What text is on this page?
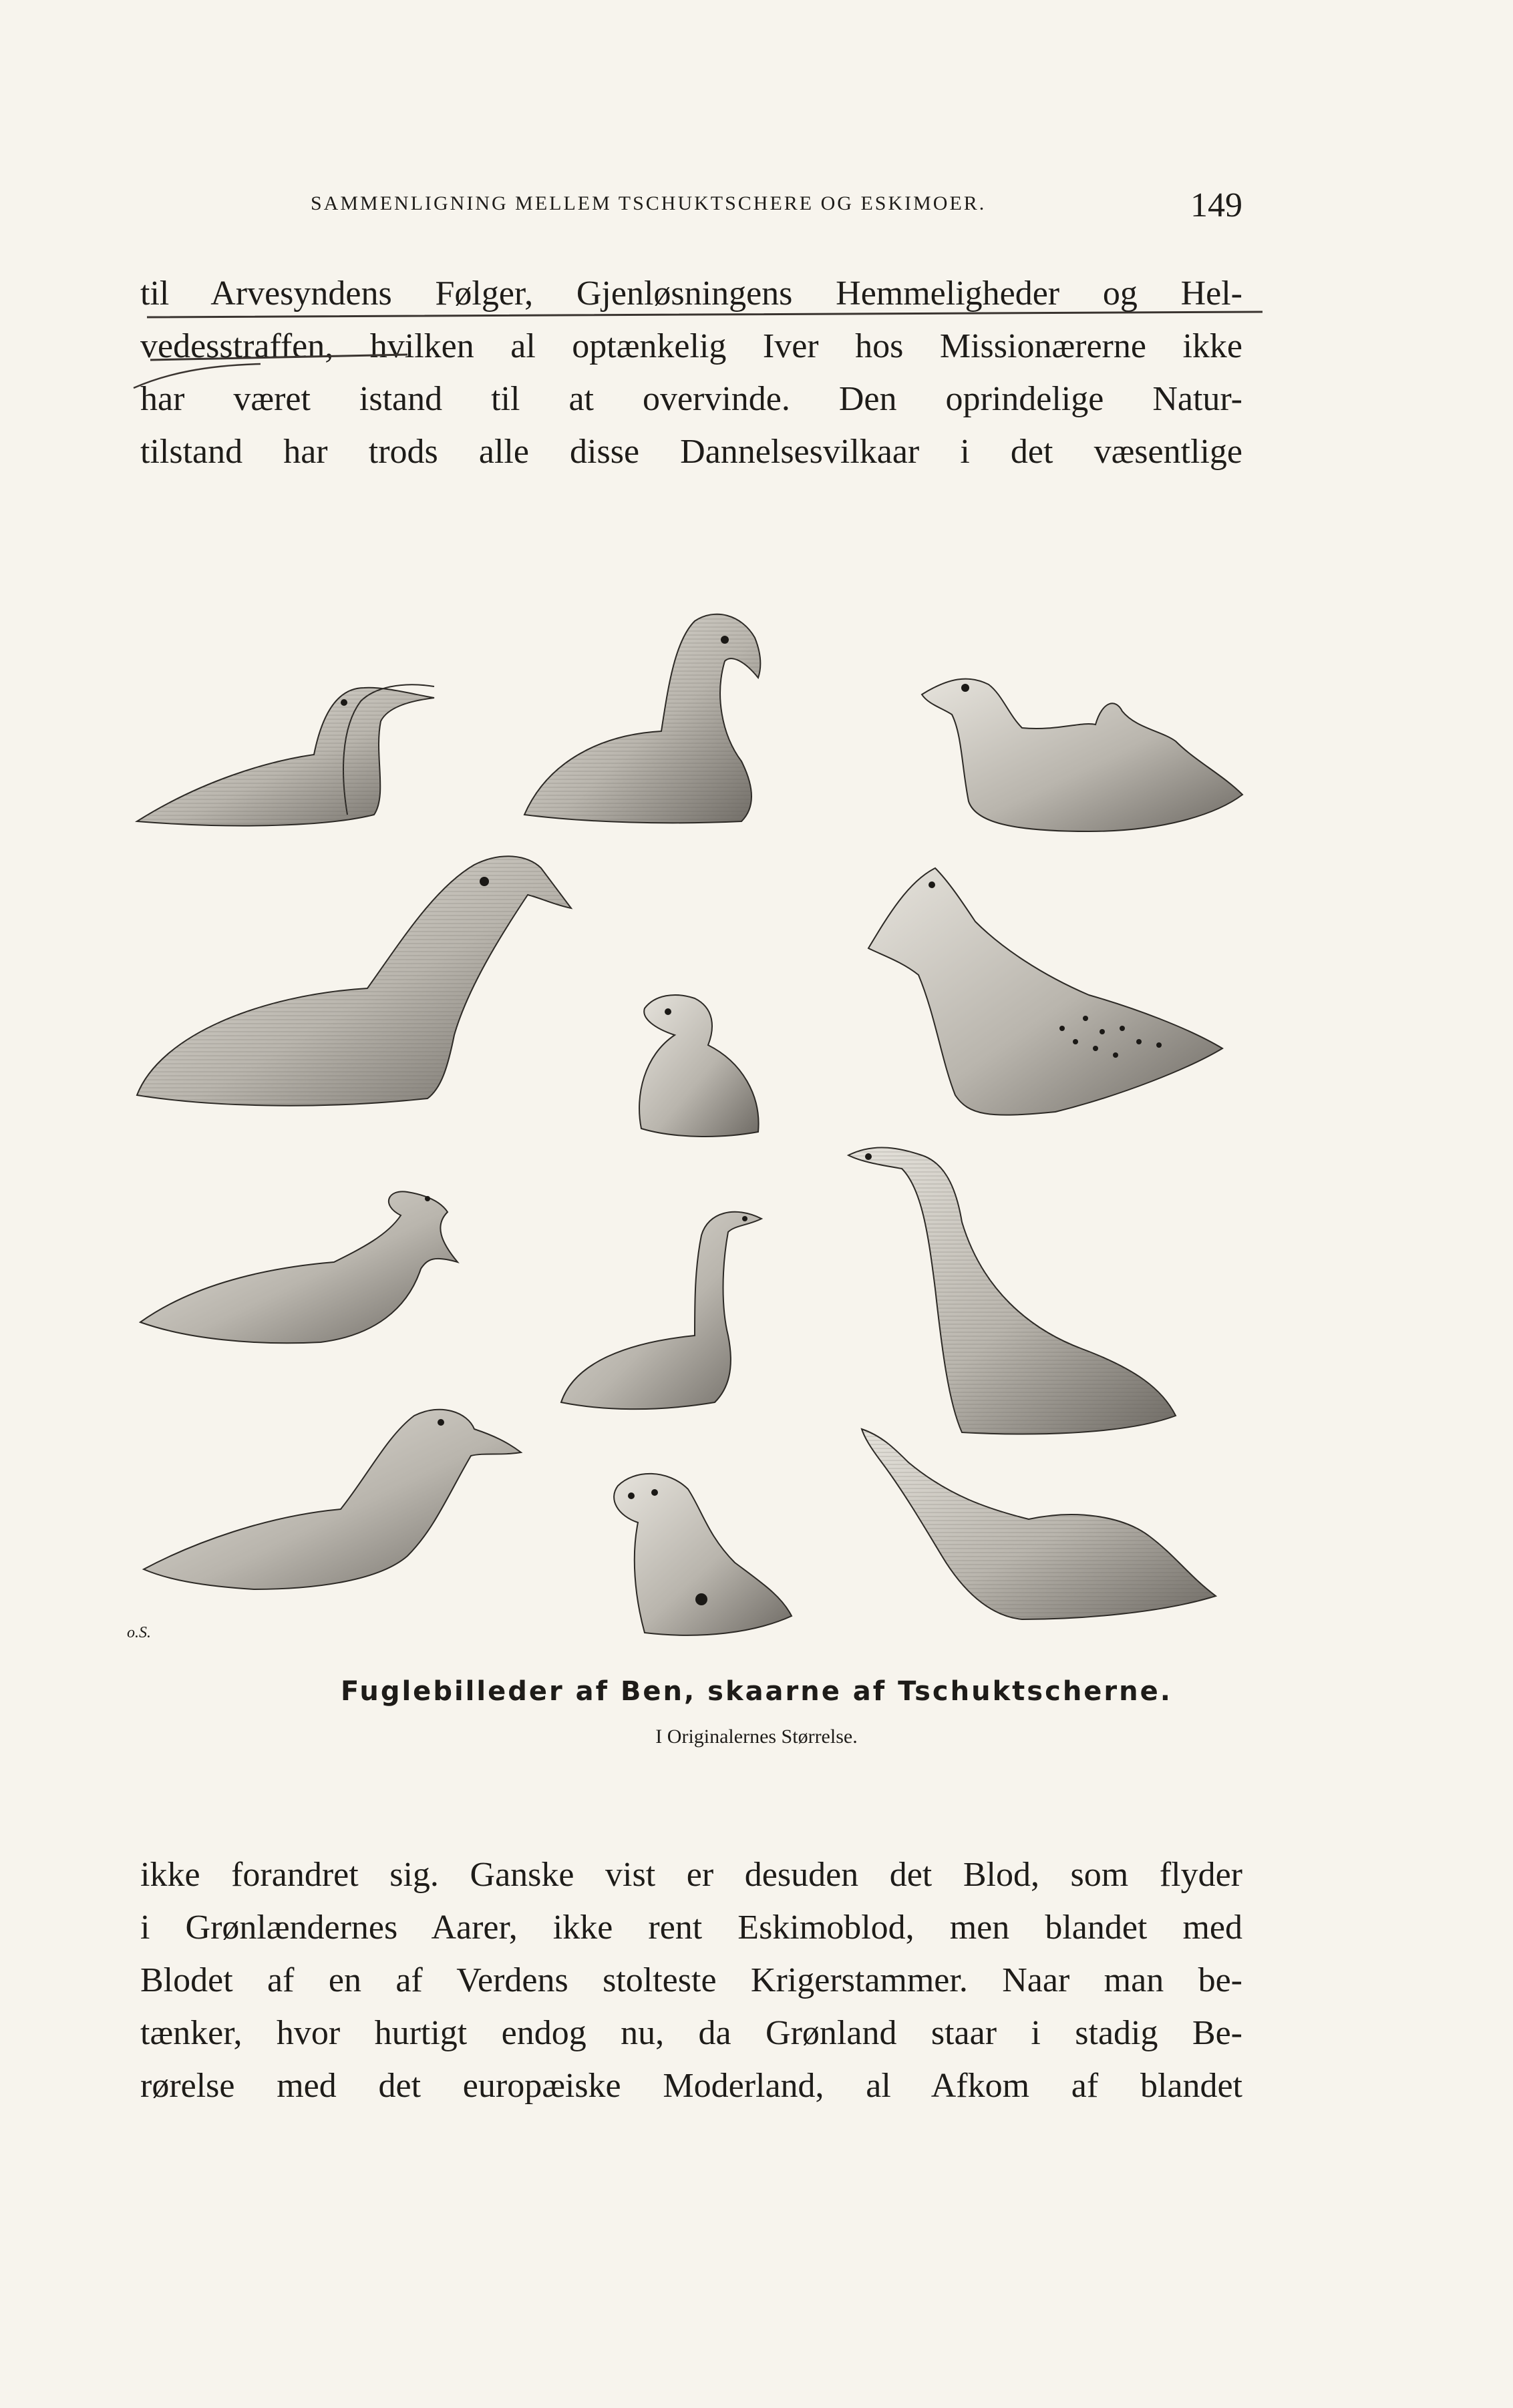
SAMMENLIGNING MELLEM TSCHUKTSCHERE OG ESKIMOER.	149
til Arvesyndens Følger, Gjenløsningens Hemmeligheder og Hel-
vedesstraffen, hvilken al optænkelig Iver hos Missionærerne ikke
har været istand til at overvinde. Den oprindelige Natur-
tilstand har trods alle disse Dannelsesvilkaar i det væsentlige
o.S.
Fuglebilleder af Ben, skaarne af Tschuktscherne.
I Originalernes Størrelse.
ikke forandret sig. Ganske vist er desuden det Blod, som flyder
i Grønlændernes Aarer, ikke rent Eskimoblod, men blandet med
Blodet af en af Verdens stolteste Krigerstammer. Naar man be-
tænker, hvor hurtigt endog nu, da Grønland staar i stadig Be-
rørelse med det europæiske Moderland, al Afkom af blandet
